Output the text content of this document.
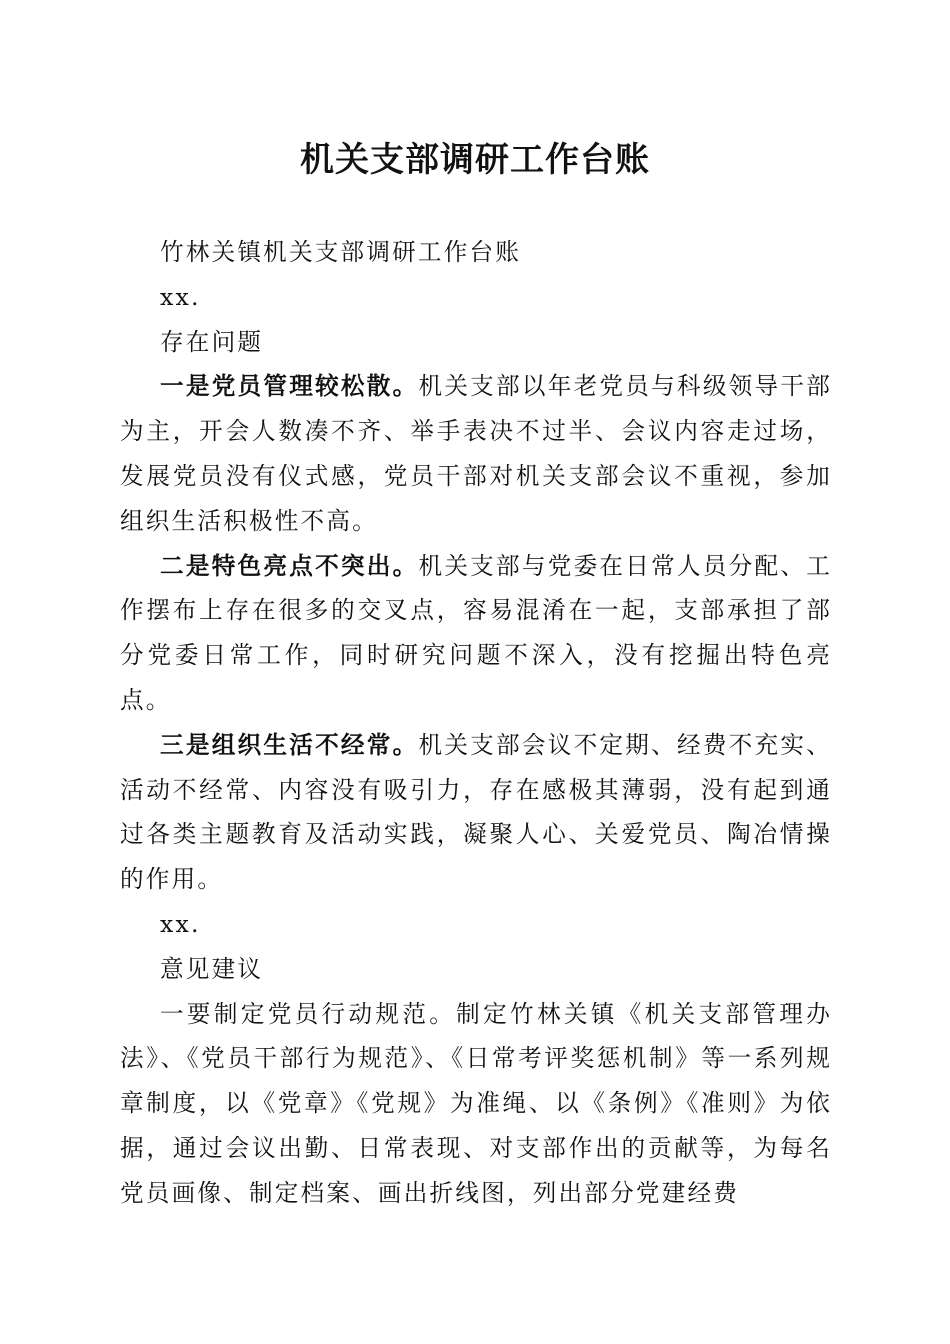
机关支部调研工作台账

竹林关镇机关支部调研工作台账

xx.

存在问题

一是党员管理较松散。机关支部以年老党员与科级领导干部为主，开会人数凑不齐、举手表决不过半、会议内容走过场，发展党员没有仪式感，党员干部对机关支部会议不重视，参加组织生活积极性不高。

二是特色亮点不突出。机关支部与党委在日常人员分配、工作摆布上存在很多的交叉点，容易混淆在一起，支部承担了部分党委日常工作，同时研究问题不深入，没有挖掘出特色亮点。

三是组织生活不经常。机关支部会议不定期、经费不充实、活动不经常、内容没有吸引力，存在感极其薄弱，没有起到通过各类主题教育及活动实践，凝聚人心、关爱党员、陶冶情操的作用。

xx.

意见建议

一要制定党员行动规范。制定竹林关镇《机关支部管理办法》、《党员干部行为规范》、《日常考评奖惩机制》等一系列规章制度，以《党章》《党规》为准绳、以《条例》《准则》为依据，通过会议出勤、日常表现、对支部作出的贡献等，为每名党员画像、制定档案、画出折线图，列出部分党建经费
